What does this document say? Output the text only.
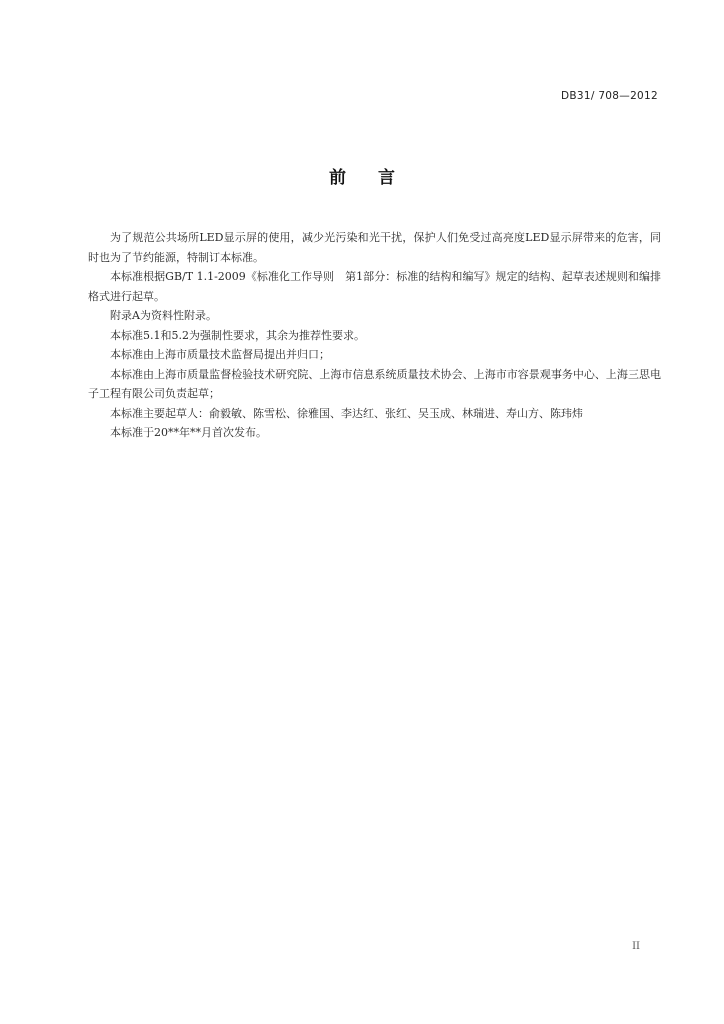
DB31/ 708—2012
前 言

为了规范公共场所LED显示屏的使用，减少光污染和光干扰，保护人们免受过高亮度LED显示屏带来的危害，同时也为了节约能源，特制订本标准。

本标准根据GB/T 1.1-2009《标准化工作导则　第1部分：标准的结构和编写》规定的结构、起草表述规则和编排格式进行起草。

附录A为资料性附录。

本标准5.1和5.2为强制性要求，其余为推荐性要求。

本标准由上海市质量技术监督局提出并归口；

本标准由上海市质量监督检验技术研究院、上海市信息系统质量技术协会、上海市市容景观事务中心、上海三思电子工程有限公司负责起草；

本标准主要起草人：俞毅敏、陈雪松、徐雅国、李达红、张红、吴玉成、林瑞进、寿山方、陈玮炜

本标准于20**年**月首次发布。

II
